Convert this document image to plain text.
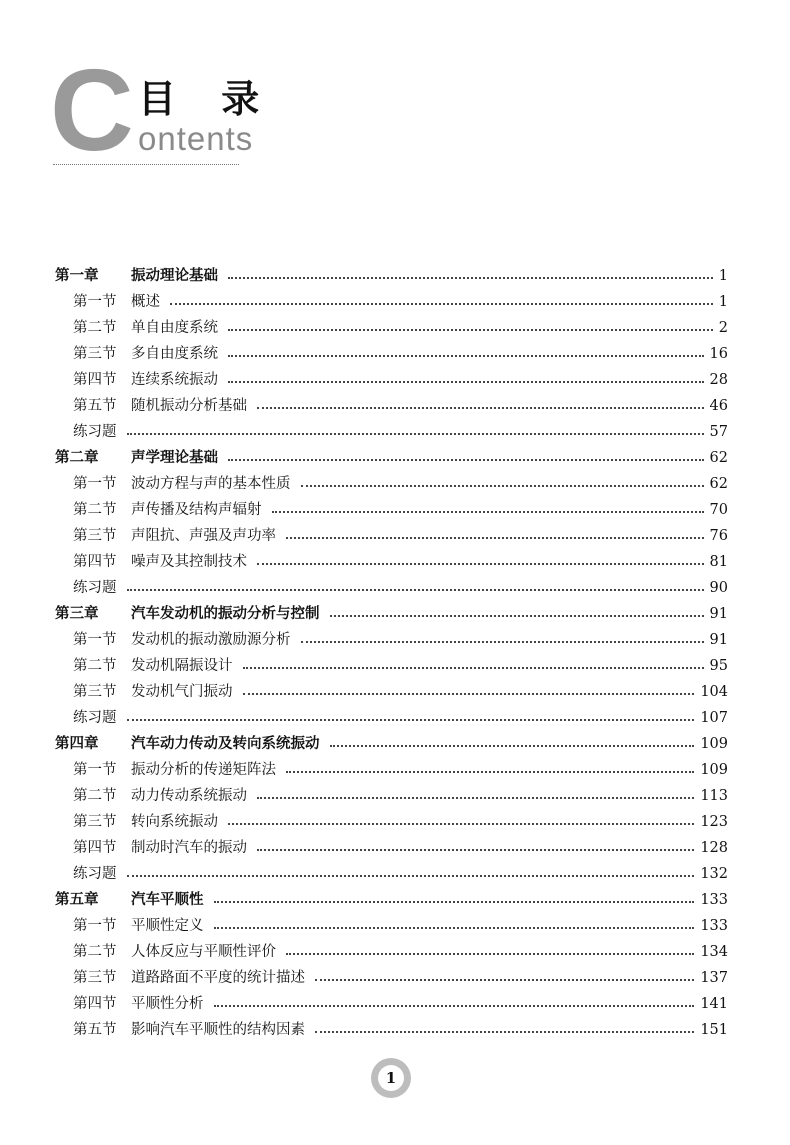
C 目 录
ontents
第一章	振动理论基础	1
第一节	概述	1
第二节	单自由度系统	2
第三节	多自由度系统	16
第四节	连续系统振动	28
第五节	随机振动分析基础	46
练习题	57
第二章	声学理论基础	62
第一节	波动方程与声的基本性质	62
第二节	声传播及结构声辐射	70
第三节	声阻抗、声强及声功率	76
第四节	噪声及其控制技术	81
练习题	90
第三章	汽车发动机的振动分析与控制	91
第一节	发动机的振动激励源分析	91
第二节	发动机隔振设计	95
第三节	发动机气门振动	104
练习题	107
第四章	汽车动力传动及转向系统振动	109
第一节	振动分析的传递矩阵法	109
第二节	动力传动系统振动	113
第三节	转向系统振动	123
第四节	制动时汽车的振动	128
练习题	132
第五章	汽车平顺性	133
第一节	平顺性定义	133
第二节	人体反应与平顺性评价	134
第三节	道路路面不平度的统计描述	137
第四节	平顺性分析	141
第五节	影响汽车平顺性的结构因素	151
1
